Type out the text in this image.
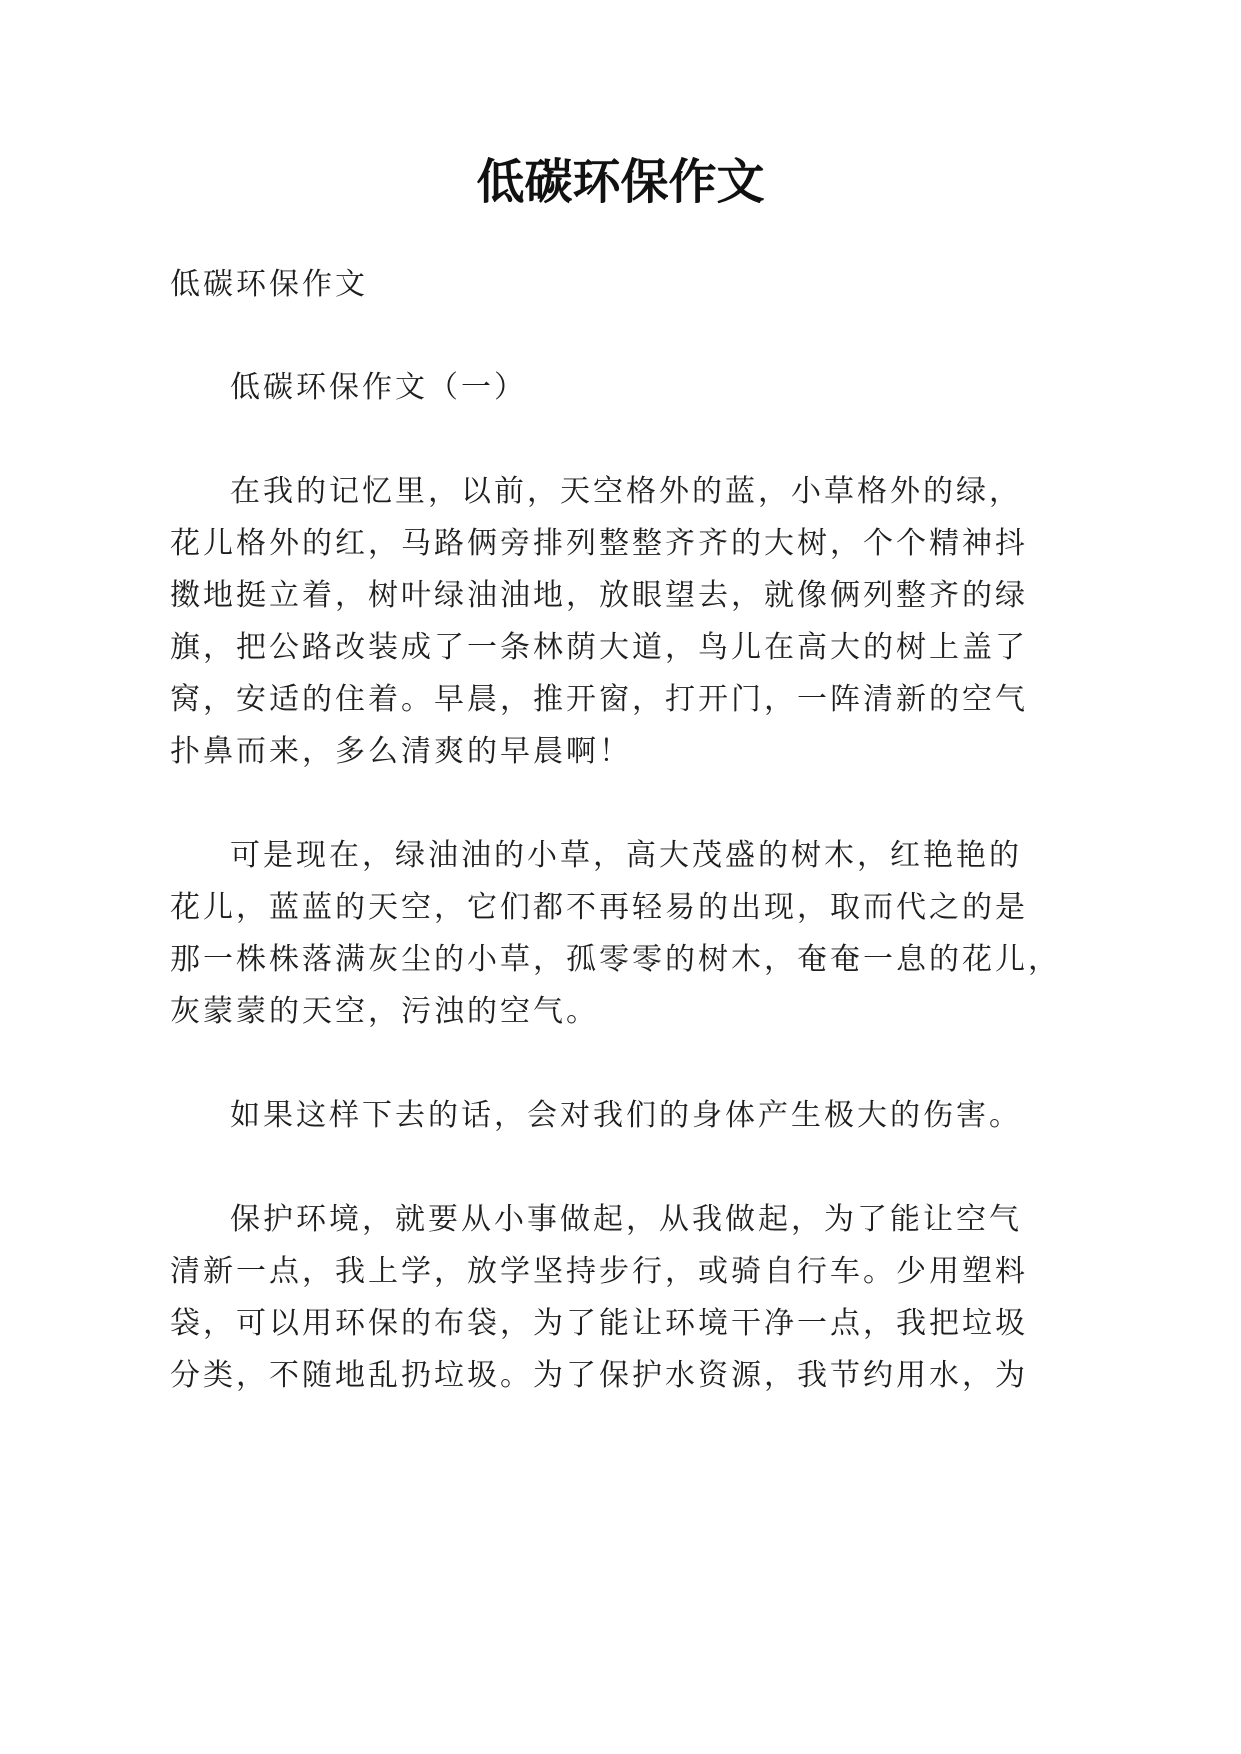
低碳环保作文
低碳环保作文
低碳环保作文（一）
在我的记忆里，以前，天空格外的蓝，小草格外的绿，
花儿格外的红，马路俩旁排列整整齐齐的大树，个个精神抖
擞地挺立着，树叶绿油油地，放眼望去，就像俩列整齐的绿
旗，把公路改装成了一条林荫大道，鸟儿在高大的树上盖了
窝，安适的住着。早晨，推开窗，打开门，一阵清新的空气
扑鼻而来，多么清爽的早晨啊！
可是现在，绿油油的小草，高大茂盛的树木，红艳艳的
花儿，蓝蓝的天空，它们都不再轻易的出现，取而代之的是
那一株株落满灰尘的小草，孤零零的树木，奄奄一息的花儿，
灰蒙蒙的天空，污浊的空气。
如果这样下去的话，会对我们的身体产生极大的伤害。
保护环境，就要从小事做起，从我做起，为了能让空气
清新一点，我上学，放学坚持步行，或骑自行车。少用塑料
袋，可以用环保的布袋，为了能让环境干净一点，我把垃圾
分类，不随地乱扔垃圾。为了保护水资源，我节约用水，为
